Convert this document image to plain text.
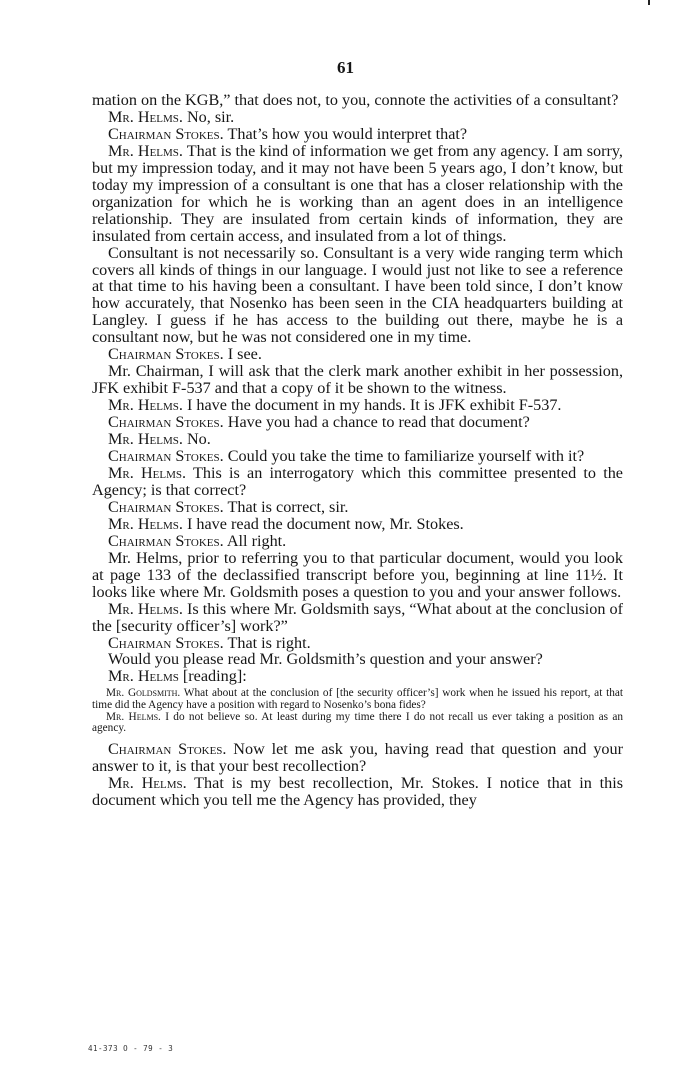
61

mation on the KGB,” that does not, to you, connote the activities of a consultant?

Mr. Helms. No, sir.

Chairman Stokes. That’s how you would interpret that?

Mr. Helms. That is the kind of information we get from any agency. I am sorry, but my impression today, and it may not have been 5 years ago, I don’t know, but today my impression of a consultant is one that has a closer relationship with the organization for which he is working than an agent does in an intelligence relationship. They are insulated from certain kinds of information, they are insulated from certain access, and insulated from a lot of things.

Consultant is not necessarily so. Consultant is a very wide ranging term which covers all kinds of things in our language. I would just not like to see a reference at that time to his having been a consultant. I have been told since, I don’t know how accurately, that Nosenko has been seen in the CIA headquarters building at Langley. I guess if he has access to the building out there, maybe he is a consultant now, but he was not considered one in my time.

Chairman Stokes. I see.

Mr. Chairman, I will ask that the clerk mark another exhibit in her possession, JFK exhibit F-537 and that a copy of it be shown to the witness.

Mr. Helms. I have the document in my hands. It is JFK exhibit F-537.

Chairman Stokes. Have you had a chance to read that document?

Mr. Helms. No.

Chairman Stokes. Could you take the time to familiarize yourself with it?

Mr. Helms. This is an interrogatory which this committee presented to the Agency; is that correct?

Chairman Stokes. That is correct, sir.

Mr. Helms. I have read the document now, Mr. Stokes.

Chairman Stokes. All right.

Mr. Helms, prior to referring you to that particular document, would you look at page 133 of the declassified transcript before you, beginning at line 11½. It looks like where Mr. Goldsmith poses a question to you and your answer follows.

Mr. Helms. Is this where Mr. Goldsmith says, “What about at the conclusion of the [security officer’s] work?”

Chairman Stokes. That is right.

Would you please read Mr. Goldsmith’s question and your answer?

Mr. Helms [reading]:

Mr. Goldsmith. What about at the conclusion of [the security officer’s] work when he issued his report, at that time did the Agency have a position with regard to Nosenko’s bona fides?

Mr. Helms. I do not believe so. At least during my time there I do not recall us ever taking a position as an agency.

Chairman Stokes. Now let me ask you, having read that question and your answer to it, is that your best recollection?

Mr. Helms. That is my best recollection, Mr. Stokes. I notice that in this document which you tell me the Agency has provided, they

41-373 O - 79 - 3
